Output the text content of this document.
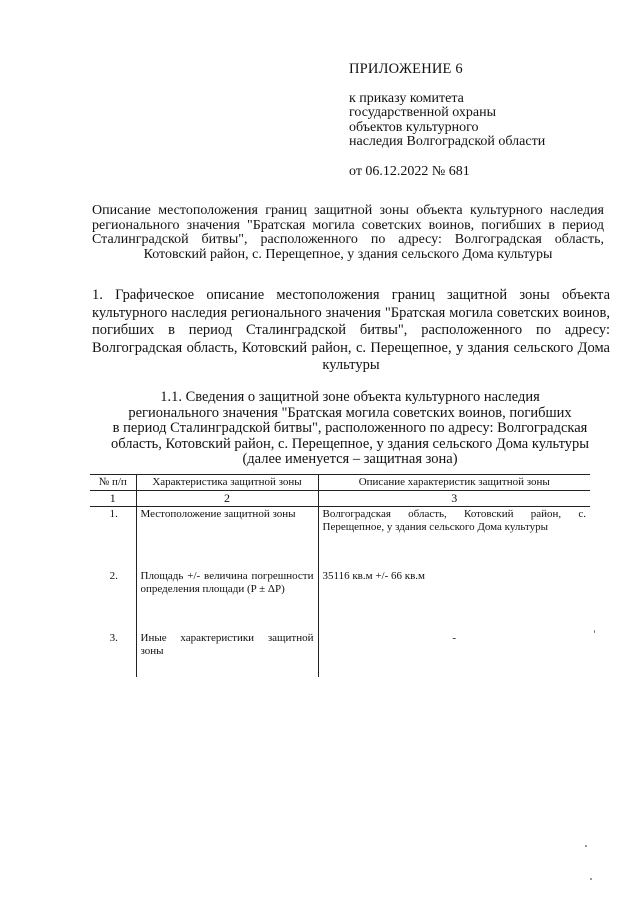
ПРИЛОЖЕНИЕ 6
к приказу комитета
государственной охраны
объектов культурного
наследия Волгоградской области
от 06.12.2022 № 681
Описание местоположения границ защитной зоны объекта культурного наследия регионального значения "Братская могила советских воинов, погибших в период Сталинградской битвы", расположенного по адресу: Волгоградская область, Котовский район, с. Перещепное, у здания сельского Дома культуры
1. Графическое описание местоположения границ защитной зоны объекта культурного наследия регионального значения "Братская могила советских воинов, погибших в период Сталинградской битвы", расположенного по адресу: Волгоградская область, Котовский район, с. Перещепное, у здания сельского Дома культуры
1.1. Сведения о защитной зоне объекта культурного наследия
регионального значения "Братская могила советских воинов, погибших
в период Сталинградской битвы", расположенного по адресу: Волгоградская
область, Котовский район, с. Перещепное, у здания сельского Дома культуры
(далее именуется – защитная зона)
№ п/п	Характеристика защитной зоны	Описание характеристик защитной зоны
1	2	3
1.	Местоположение защитной зоны	Волгоградская область, Котовский район, с. Перещепное, у здания сельского Дома культуры
2.	Площадь +/- величина погрешности определения площади (P ± ΔP)	35116 кв.м +/- 66 кв.м
3.	Иные характеристики защитной зоны	-
